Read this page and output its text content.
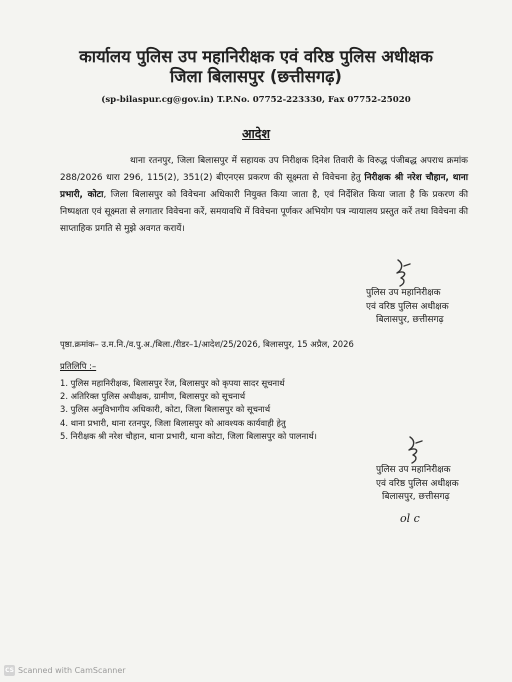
कार्यालय पुलिस उप महानिरीक्षक एवं वरिष्ठ पुलिस अधीक्षक
जिला बिलासपुर (छत्तीसगढ़)
(sp-bilaspur.cg@gov.in) T.P.No. 07752-223330, Fax 07752-25020
आदेश

थाना रतनपुर, जिला बिलासपुर में सहायक उप निरीक्षक दिनेश तिवारी के विरुद्ध पंजीबद्ध अपराध क्रमांक 288/2026 धारा 296, 115(2), 351(2) बीएनएस प्रकरण की सूक्ष्मता से विवेचना हेतु निरीक्षक श्री नरेश चौहान, थाना प्रभारी, कोटा, जिला बिलासपुर को विवेचना अधिकारी नियुक्त किया जाता है, एवं निर्देशित किया जाता है कि प्रकरण की निष्पक्षता एवं सूक्ष्मता से लगातार विवेचना करें, समयावधि में विवेचना पूर्णकर अभियोग पत्र न्यायालय प्रस्तुत करें तथा विवेचना की साप्ताहिक प्रगति से मुझे अवगत करायें।

पुलिस उप महानिरीक्षक
एवं वरिष्ठ पुलिस अधीक्षक
बिलासपुर, छत्तीसगढ़
पृष्ठा.क्रमांक– उ.म.नि./व.पु.अ./बिला./रीडर–1/आदेश/25/2026, बिलासपुर, 15 अप्रैल, 2026
प्रतिलिपि :–
1. पुलिस महानिरीक्षक, बिलासपुर रेंज, बिलासपुर को कृपया सादर सूचनार्थ
2. अतिरिक्त पुलिस अधीक्षक, ग्रामीण, बिलासपुर को सूचनार्थ
3. पुलिस अनुविभागीय अधिकारी, कोटा, जिला बिलासपुर को सूचनार्थ
4. थाना प्रभारी, थाना रतनपुर, जिला बिलासपुर को आवश्यक कार्यवाही हेतु
5. निरीक्षक श्री नरेश चौहान, थाना प्रभारी, थाना कोटा, जिला बिलासपुर को पालनार्थ।
पुलिस उप महानिरीक्षक
एवं वरिष्ठ पुलिस अधीक्षक
बिलासपुर, छत्तीसगढ़
ol c
CS Scanned with CamScanner
